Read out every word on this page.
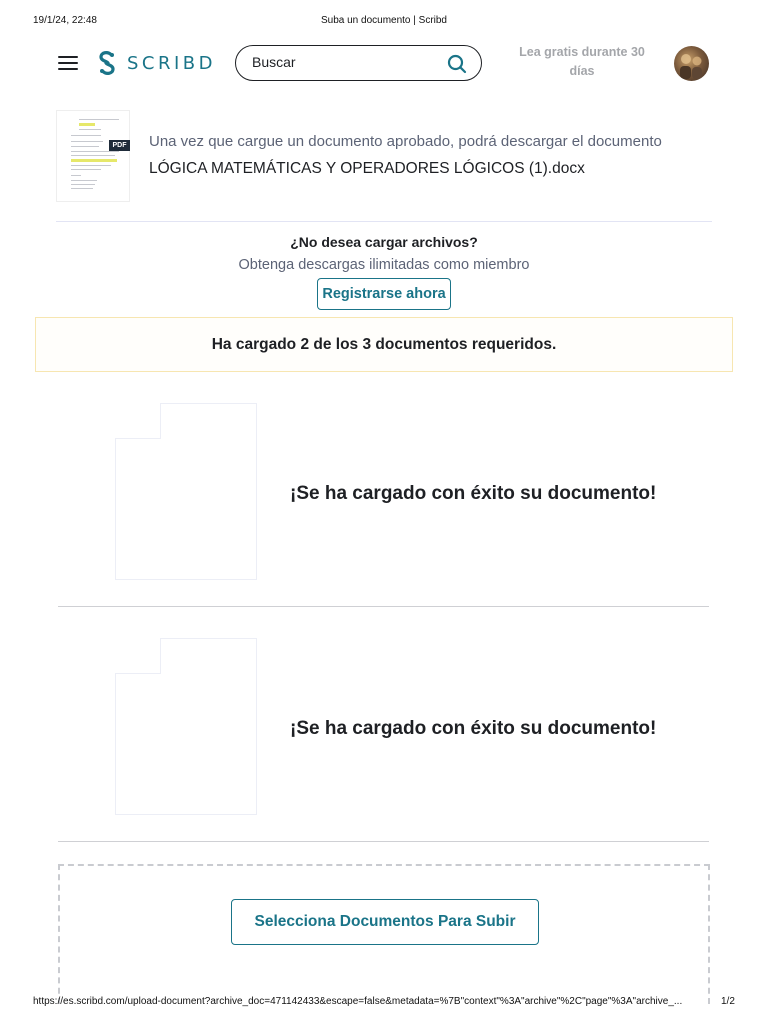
19/1/24, 22:48	Suba un documento | Scribd
SCRIBD
Buscar
Lea gratis durante 30
días
PDF Una vez que cargue un documento aprobado, podrá descargar el documento
LÓGICA MATEMÁTICAS Y OPERADORES LÓGICOS (1).docx
¿No desea cargar archivos?
Obtenga descargas ilimitadas como miembro
Registrarse ahora
Ha cargado 2 de los 3 documentos requeridos.
¡Se ha cargado con éxito su documento!
¡Se ha cargado con éxito su documento!
Selecciona Documentos Para Subir
https://es.scribd.com/upload-document?archive_doc=471142433&escape=false&metadata=%7B"context"%3A"archive"%2C"page"%3A"archive_...	1/2
